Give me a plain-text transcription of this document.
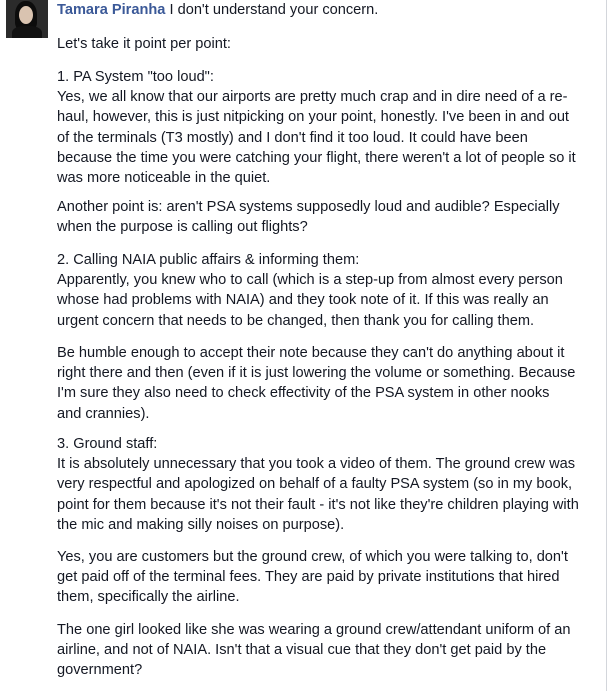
Tamara Piranha I don't understand your concern.

Let's take it point per point:

1. PA System "too loud":
Yes, we all know that our airports are pretty much crap and in dire need of a re-
haul, however, this is just nitpicking on your point, honestly. I've been in and out
of the terminals (T3 mostly) and I don't find it too loud. It could have been
because the time you were catching your flight, there weren't a lot of people so it
was more noticeable in the quiet.

Another point is: aren't PSA systems supposedly loud and audible? Especially
when the purpose is calling out flights?

2. Calling NAIA public affairs & informing them:
Apparently, you knew who to call (which is a step-up from almost every person
whose had problems with NAIA) and they took note of it. If this was really an
urgent concern that needs to be changed, then thank you for calling them.

Be humble enough to accept their note because they can't do anything about it
right there and then (even if it is just lowering the volume or something. Because
I'm sure they also need to check effectivity of the PSA system in other nooks
and crannies).

3. Ground staff:
It is absolutely unnecessary that you took a video of them. The ground crew was
very respectful and apologized on behalf of a faulty PSA system (so in my book,
point for them because it's not their fault - it's not like they're children playing with
the mic and making silly noises on purpose).

Yes, you are customers but the ground crew, of which you were talking to, don't
get paid off of the terminal fees. They are paid by private institutions that hired
them, specifically the airline.

The one girl looked like she was wearing a ground crew/attendant uniform of an
airline, and not of NAIA. Isn't that a visual cue that they don't get paid by the
government?
